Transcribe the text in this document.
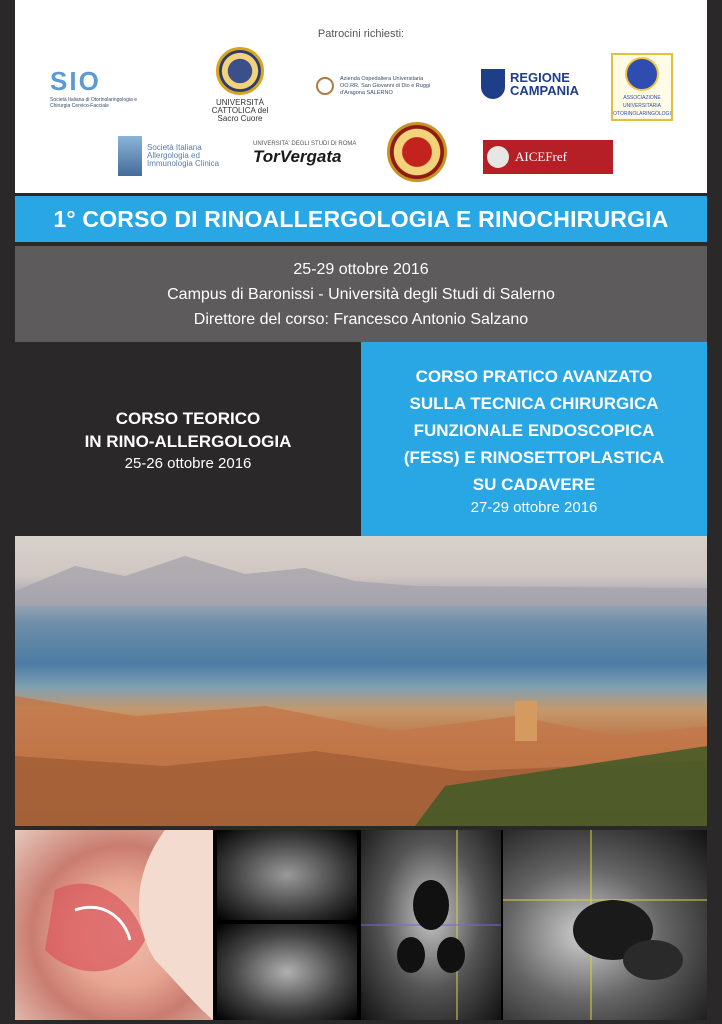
Patrocini richiesti:
SIO
Società Italiana di Otorinolaringologia e Chirurgia Cervico-Facciale	UNIVERSITÀ CATTOLICA del Sacro Cuore
Azienda Ospedaliera Universitaria OO.RR. San Giovanni di Dio e Ruggi d'Aragona SALERNO
REGIONE
CAMPANIA	ASSOCIAZIONE UNIVERSITARIA OTORINOLARINGOLOGI
Società Italiana Allergologia ed Immunologia Clinica
UNIVERSITA' DEGLI STUDI DI ROMA
TorVergata	AICEFref
1° CORSO DI RINOALLERGOLOGIA E RINOCHIRURGIA

25-29 ottobre 2016

Campus di Baronissi - Università degli Studi di Salerno

Direttore del corso: Francesco Antonio Salzano

CORSO TEORICO
IN RINO-ALLERGOLOGIA
25-26 ottobre 2016
CORSO PRATICO AVANZATO
SULLA TECNICA CHIRURGICA
FUNZIONALE ENDOSCOPICA
(FESS) E RINOSETTOPLASTICA
SU CADAVERE
27-29 ottobre 2016
